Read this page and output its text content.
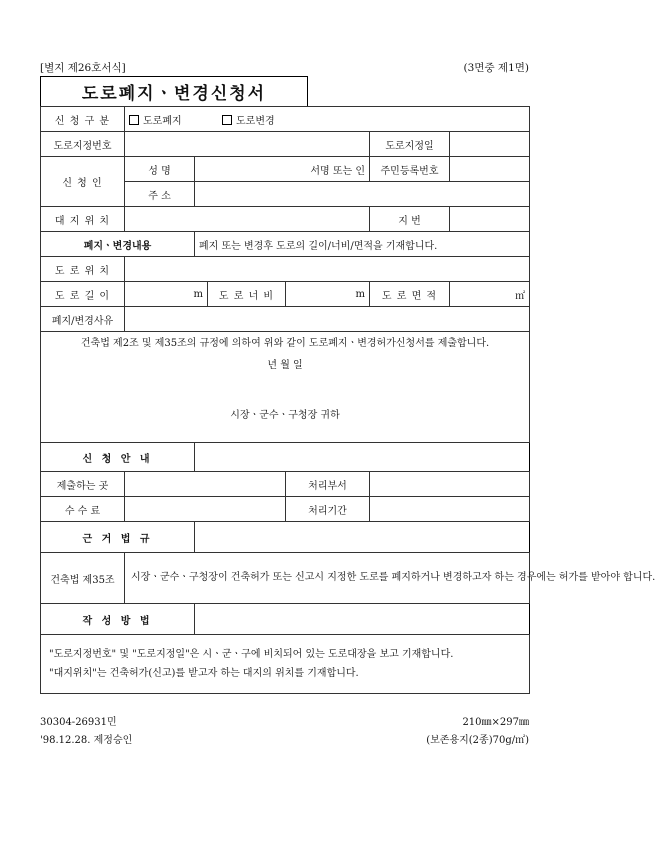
[별지 제26호서식]	(3면중 제1면)
도로폐지ㆍ변경신청서
신 청 구 분	도로폐지 도로변경					
도로지정번호					도로지정일	
신 청 인	성 명	서명 또는 인			주민등록번호	
	주 소					
대 지 위 치					지 번	
폐지ㆍ변경내용		폐지 또는 변경후 도로의 길이/너비/면적을 기재합니다.				
도 로 위 치						
도 로 길 이	m		도 로 너 비	m	도 로 면 적	㎡
폐지/변경사유						

건축법 제2조 및 제35조의 규정에 의하여 위와 같이 도로폐지ㆍ변경허가신청서를 제출합니다.
년 월 일
시장ㆍ군수ㆍ구청장 귀하						

신 청 안 내						
제출하는 곳				처리부서		
수 수 료				처리기간		
근 거 법 규						
건축법 제35조	시장ㆍ군수ㆍ구청장이 건축허가 또는 신고시 지정한 도로를 폐지하거나 변경하고자 하는 경우에는 허가를 받아야 합니다.					
작 성 방 법						

"도로지정번호" 및 "도로지정일"은 시ㆍ군ㆍ구에 비치되어 있는 도로대장을 보고 기재합니다.
"대지위치"는 건축허가(신고)를 받고자 하는 대지의 위치를 기재합니다.						
30304-26931민
'98.12.28. 제정승인
210㎜×297㎜
(보존용지(2종)70g/㎡)
